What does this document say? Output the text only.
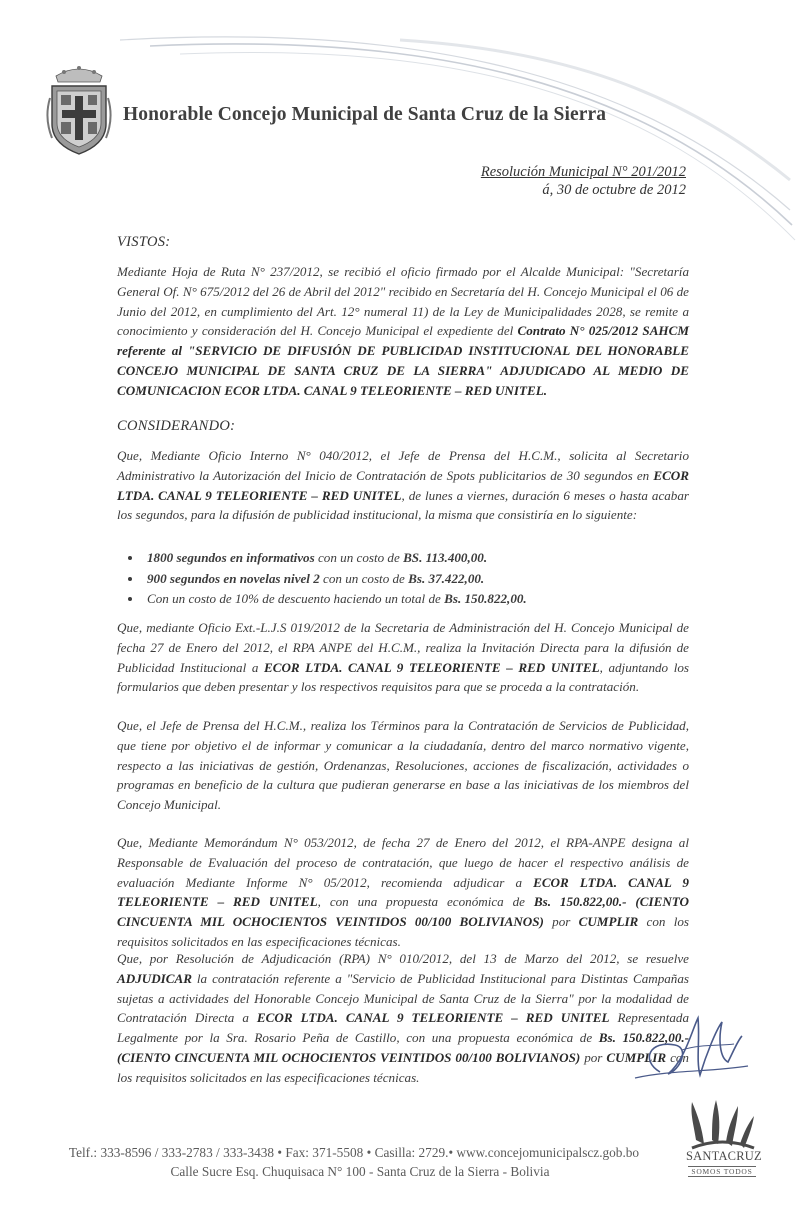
Honorable Concejo Municipal de Santa Cruz de la Sierra
Resolución Municipal N° 201/2012
á, 30 de octubre de 2012
VISTOS:
Mediante Hoja de Ruta N° 237/2012, se recibió el oficio firmado por el Alcalde Municipal: "Secretaría General Of. N° 675/2012 del 26 de Abril del 2012" recibido en Secretaría del H. Concejo Municipal el 06 de Junio del 2012, en cumplimiento del Art. 12° numeral 11) de la Ley de Municipalidades 2028, se remite a conocimiento y consideración del H. Concejo Municipal el expediente del Contrato N° 025/2012 SAHCM referente al "SERVICIO DE DIFUSIÓN DE PUBLICIDAD INSTITUCIONAL DEL HONORABLE CONCEJO MUNICIPAL DE SANTA CRUZ DE LA SIERRA" ADJUDICADO AL MEDIO DE COMUNICACION ECOR LTDA. CANAL 9 TELEORIENTE – RED UNITEL.
CONSIDERANDO:
Que, Mediante Oficio Interno N° 040/2012, el Jefe de Prensa del H.C.M., solicita al Secretario Administrativo la Autorización del Inicio de Contratación de Spots publicitarios de 30 segundos en ECOR LTDA. CANAL 9 TELEORIENTE – RED UNITEL, de lunes a viernes, duración 6 meses o hasta acabar los segundos, para la difusión de publicidad institucional, la misma que consistiría en lo siguiente:
• 1800 segundos en informativos con un costo de BS. 113.400,00.
• 900 segundos en novelas nivel 2 con un costo de Bs. 37.422,00.
• Con un costo de 10% de descuento haciendo un total de Bs. 150.822,00.
Que, mediante Oficio Ext.-L.J.S 019/2012 de la Secretaria de Administración del H. Concejo Municipal de fecha 27 de Enero del 2012, el RPA ANPE del H.C.M., realiza la Invitación Directa para la difusión de Publicidad Institucional a ECOR LTDA. CANAL 9 TELEORIENTE – RED UNITEL, adjuntando los formularios que deben presentar y los respectivos requisitos para que se proceda a la contratación.
Que, el Jefe de Prensa del H.C.M., realiza los Términos para la Contratación de Servicios de Publicidad, que tiene por objetivo el de informar y comunicar a la ciudadanía, dentro del marco normativo vigente, respecto a las iniciativas de gestión, Ordenanzas, Resoluciones, acciones de fiscalización, actividades o programas en beneficio de la cultura que pudieran generarse en base a las iniciativas de los miembros del Concejo Municipal.
Que, Mediante Memorándum N° 053/2012, de fecha 27 de Enero del 2012, el RPA-ANPE designa al Responsable de Evaluación del proceso de contratación, que luego de hacer el respectivo análisis de evaluación Mediante Informe N° 05/2012, recomienda adjudicar a ECOR LTDA. CANAL 9 TELEORIENTE – RED UNITEL, con una propuesta económica de Bs. 150.822,00.- (CIENTO CINCUENTA MIL OCHOCIENTOS VEINTIDOS 00/100 BOLIVIANOS) por CUMPLIR con los requisitos solicitados en las especificaciones técnicas.
Que, por Resolución de Adjudicación (RPA) N° 010/2012, del 13 de Marzo del 2012, se resuelve ADJUDICAR la contratación referente a "Servicio de Publicidad Institucional para Distintas Campañas sujetas a actividades del Honorable Concejo Municipal de Santa Cruz de la Sierra" por la modalidad de Contratación Directa a ECOR LTDA. CANAL 9 TELEORIENTE – RED UNITEL Representada Legalmente por la Sra. Rosario Peña de Castillo, con una propuesta económica de Bs. 150.822,00.- (CIENTO CINCUENTA MIL OCHOCIENTOS VEINTIDOS 00/100 BOLIVIANOS) por CUMPLIR con los requisitos solicitados en las especificaciones técnicas.
Telf.: 333-8596 / 333-2783 / 333-3438 • Fax: 371-5508 • Casilla: 2729.• www.concejomunicipalscz.gob.bo
Calle Sucre Esq. Chuquisaca N° 100 - Santa Cruz de la Sierra - Bolivia
SANTACRUZ
SOMOS TODOS
